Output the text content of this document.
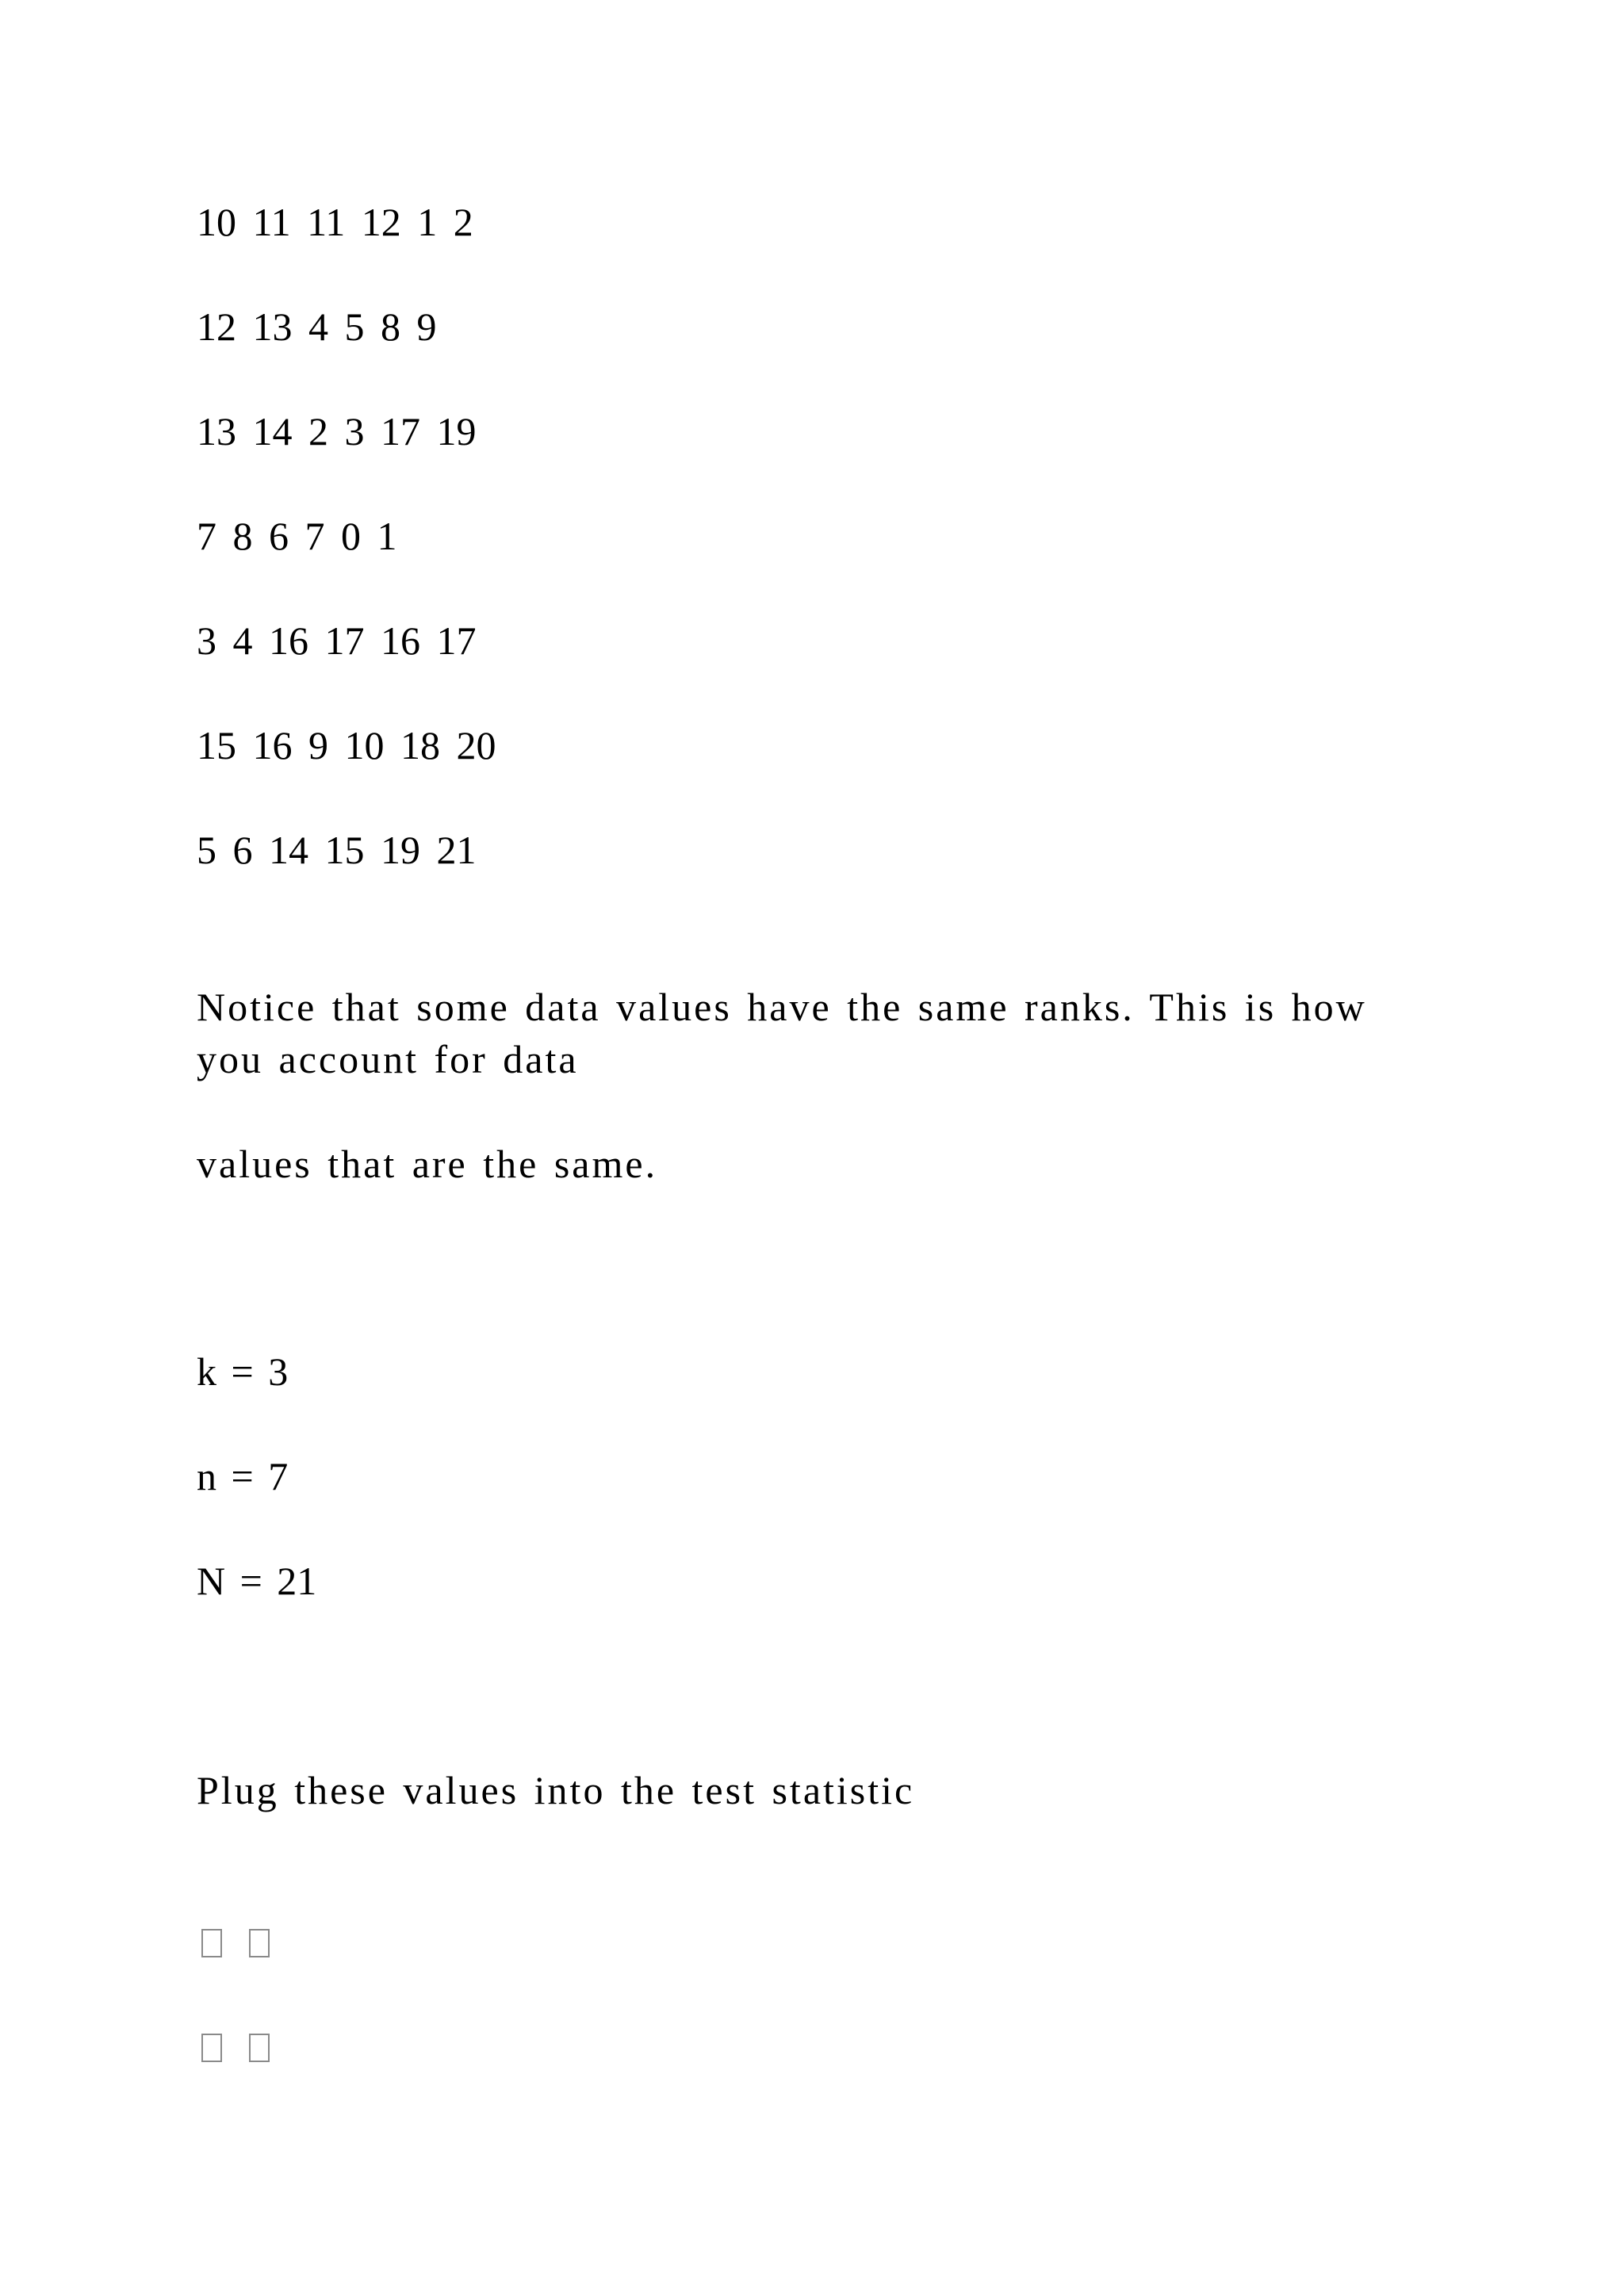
10 11 11 12 1 2
12 13 4 5 8 9
13 14 2 3 17 19
7 8 6 7 0 1
3 4 16 17 16 17
15 16 9 10 18 20
5 6 14 15 19 21
Notice that some data values have the same ranks. This is how
you account for data
values that are the same.
k = 3
n = 7
N = 21
Plug these values into the test statistic
